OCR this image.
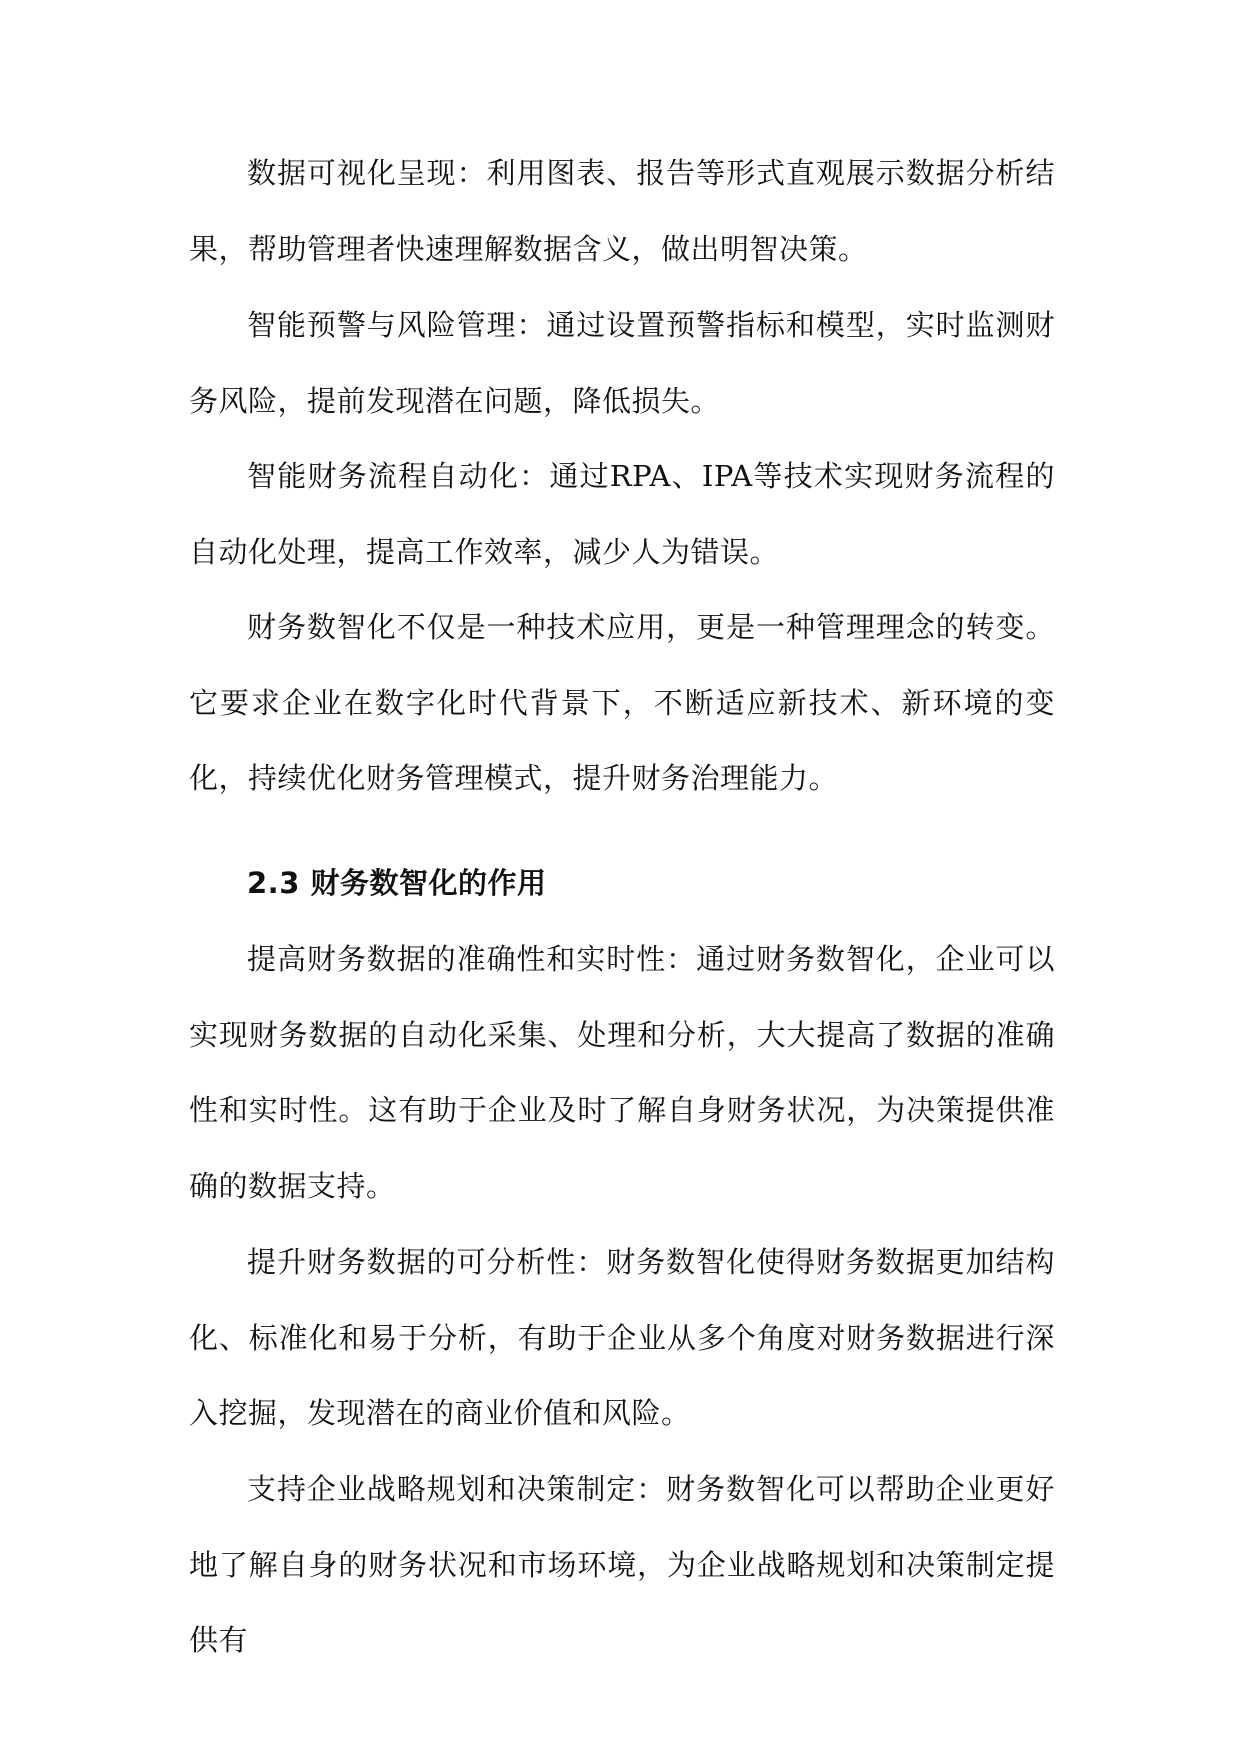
数据可视化呈现：利用图表、报告等形式直观展示数据分析结果，帮助管理者快速理解数据含义，做出明智决策。

智能预警与风险管理：通过设置预警指标和模型，实时监测财务风险，提前发现潜在问题，降低损失。

智能财务流程自动化：通过RPA、IPA等技术实现财务流程的自动化处理，提高工作效率，减少人为错误。

财务数智化不仅是一种技术应用，更是一种管理理念的转变。它要求企业在数字化时代背景下，不断适应新技术、新环境的变化，持续优化财务管理模式，提升财务治理能力。

2.3 财务数智化的作用

提高财务数据的准确性和实时性：通过财务数智化，企业可以实现财务数据的自动化采集、处理和分析，大大提高了数据的准确性和实时性。这有助于企业及时了解自身财务状况，为决策提供准确的数据支持。

提升财务数据的可分析性：财务数智化使得财务数据更加结构化、标准化和易于分析，有助于企业从多个角度对财务数据进行深入挖掘，发现潜在的商业价值和风险。

支持企业战略规划和决策制定：财务数智化可以帮助企业更好地了解自身的财务状况和市场环境，为企业战略规划和决策制定提供有
